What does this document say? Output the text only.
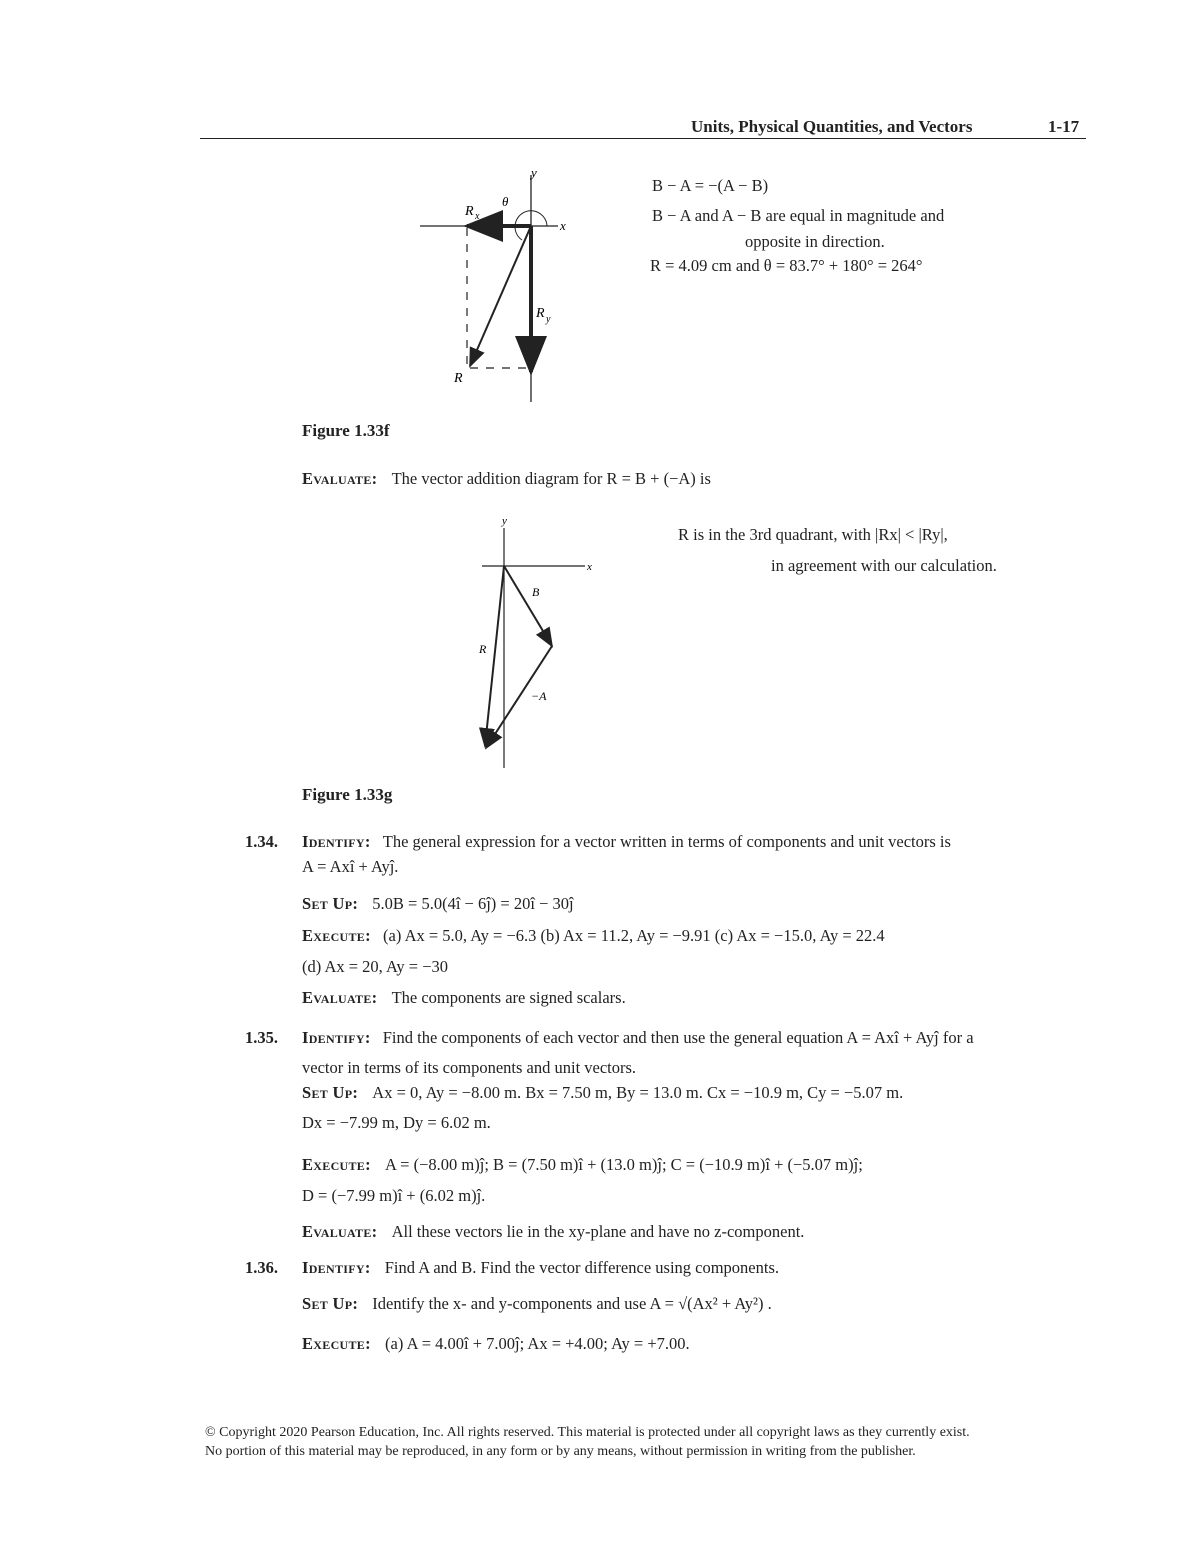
Units, Physical Quantities, and Vectors	1-17
y
x
θ
R x
R y
R
B − A = −(A − B)
B − A and A − B are equal in magnitude and
opposite in direction.
R = 4.09 cm and θ = 83.7° + 180° = 264°
Figure 1.33f
Evaluate: The vector addition diagram for R = B + (−A) is
y
x
B
R
−A
R is in the 3rd quadrant, with |Rx| < |Ry|,
in agreement with our calculation.
Figure 1.33g
1.34. Identify: The general expression for a vector written in terms of components and unit vectors is
A = Axî + Ayĵ.
Set Up: 5.0B = 5.0(4î − 6ĵ) = 20î − 30ĵ
Execute: (a) Ax = 5.0, Ay = −6.3 (b) Ax = 11.2, Ay = −9.91 (c) Ax = −15.0, Ay = 22.4
(d) Ax = 20, Ay = −30
Evaluate: The components are signed scalars.
1.35. Identify: Find the components of each vector and then use the general equation A = Axî + Ayĵ for a
vector in terms of its components and unit vectors.
Set Up: Ax = 0, Ay = −8.00 m. Bx = 7.50 m, By = 13.0 m. Cx = −10.9 m, Cy = −5.07 m.
Dx = −7.99 m, Dy = 6.02 m.
Execute: A = (−8.00 m)ĵ; B = (7.50 m)î + (13.0 m)ĵ; C = (−10.9 m)î + (−5.07 m)ĵ;
D = (−7.99 m)î + (6.02 m)ĵ.
Evaluate: All these vectors lie in the xy-plane and have no z-component.
1.36. Identify: Find A and B. Find the vector difference using components.
Set Up: Identify the x- and y-components and use A = √(Ax² + Ay²) .
Execute: (a) A = 4.00î + 7.00ĵ; Ax = +4.00; Ay = +7.00.
© Copyright 2020 Pearson Education, Inc. All rights reserved. This material is protected under all copyright laws as they currently exist.
No portion of this material may be reproduced, in any form or by any means, without permission in writing from the publisher.
